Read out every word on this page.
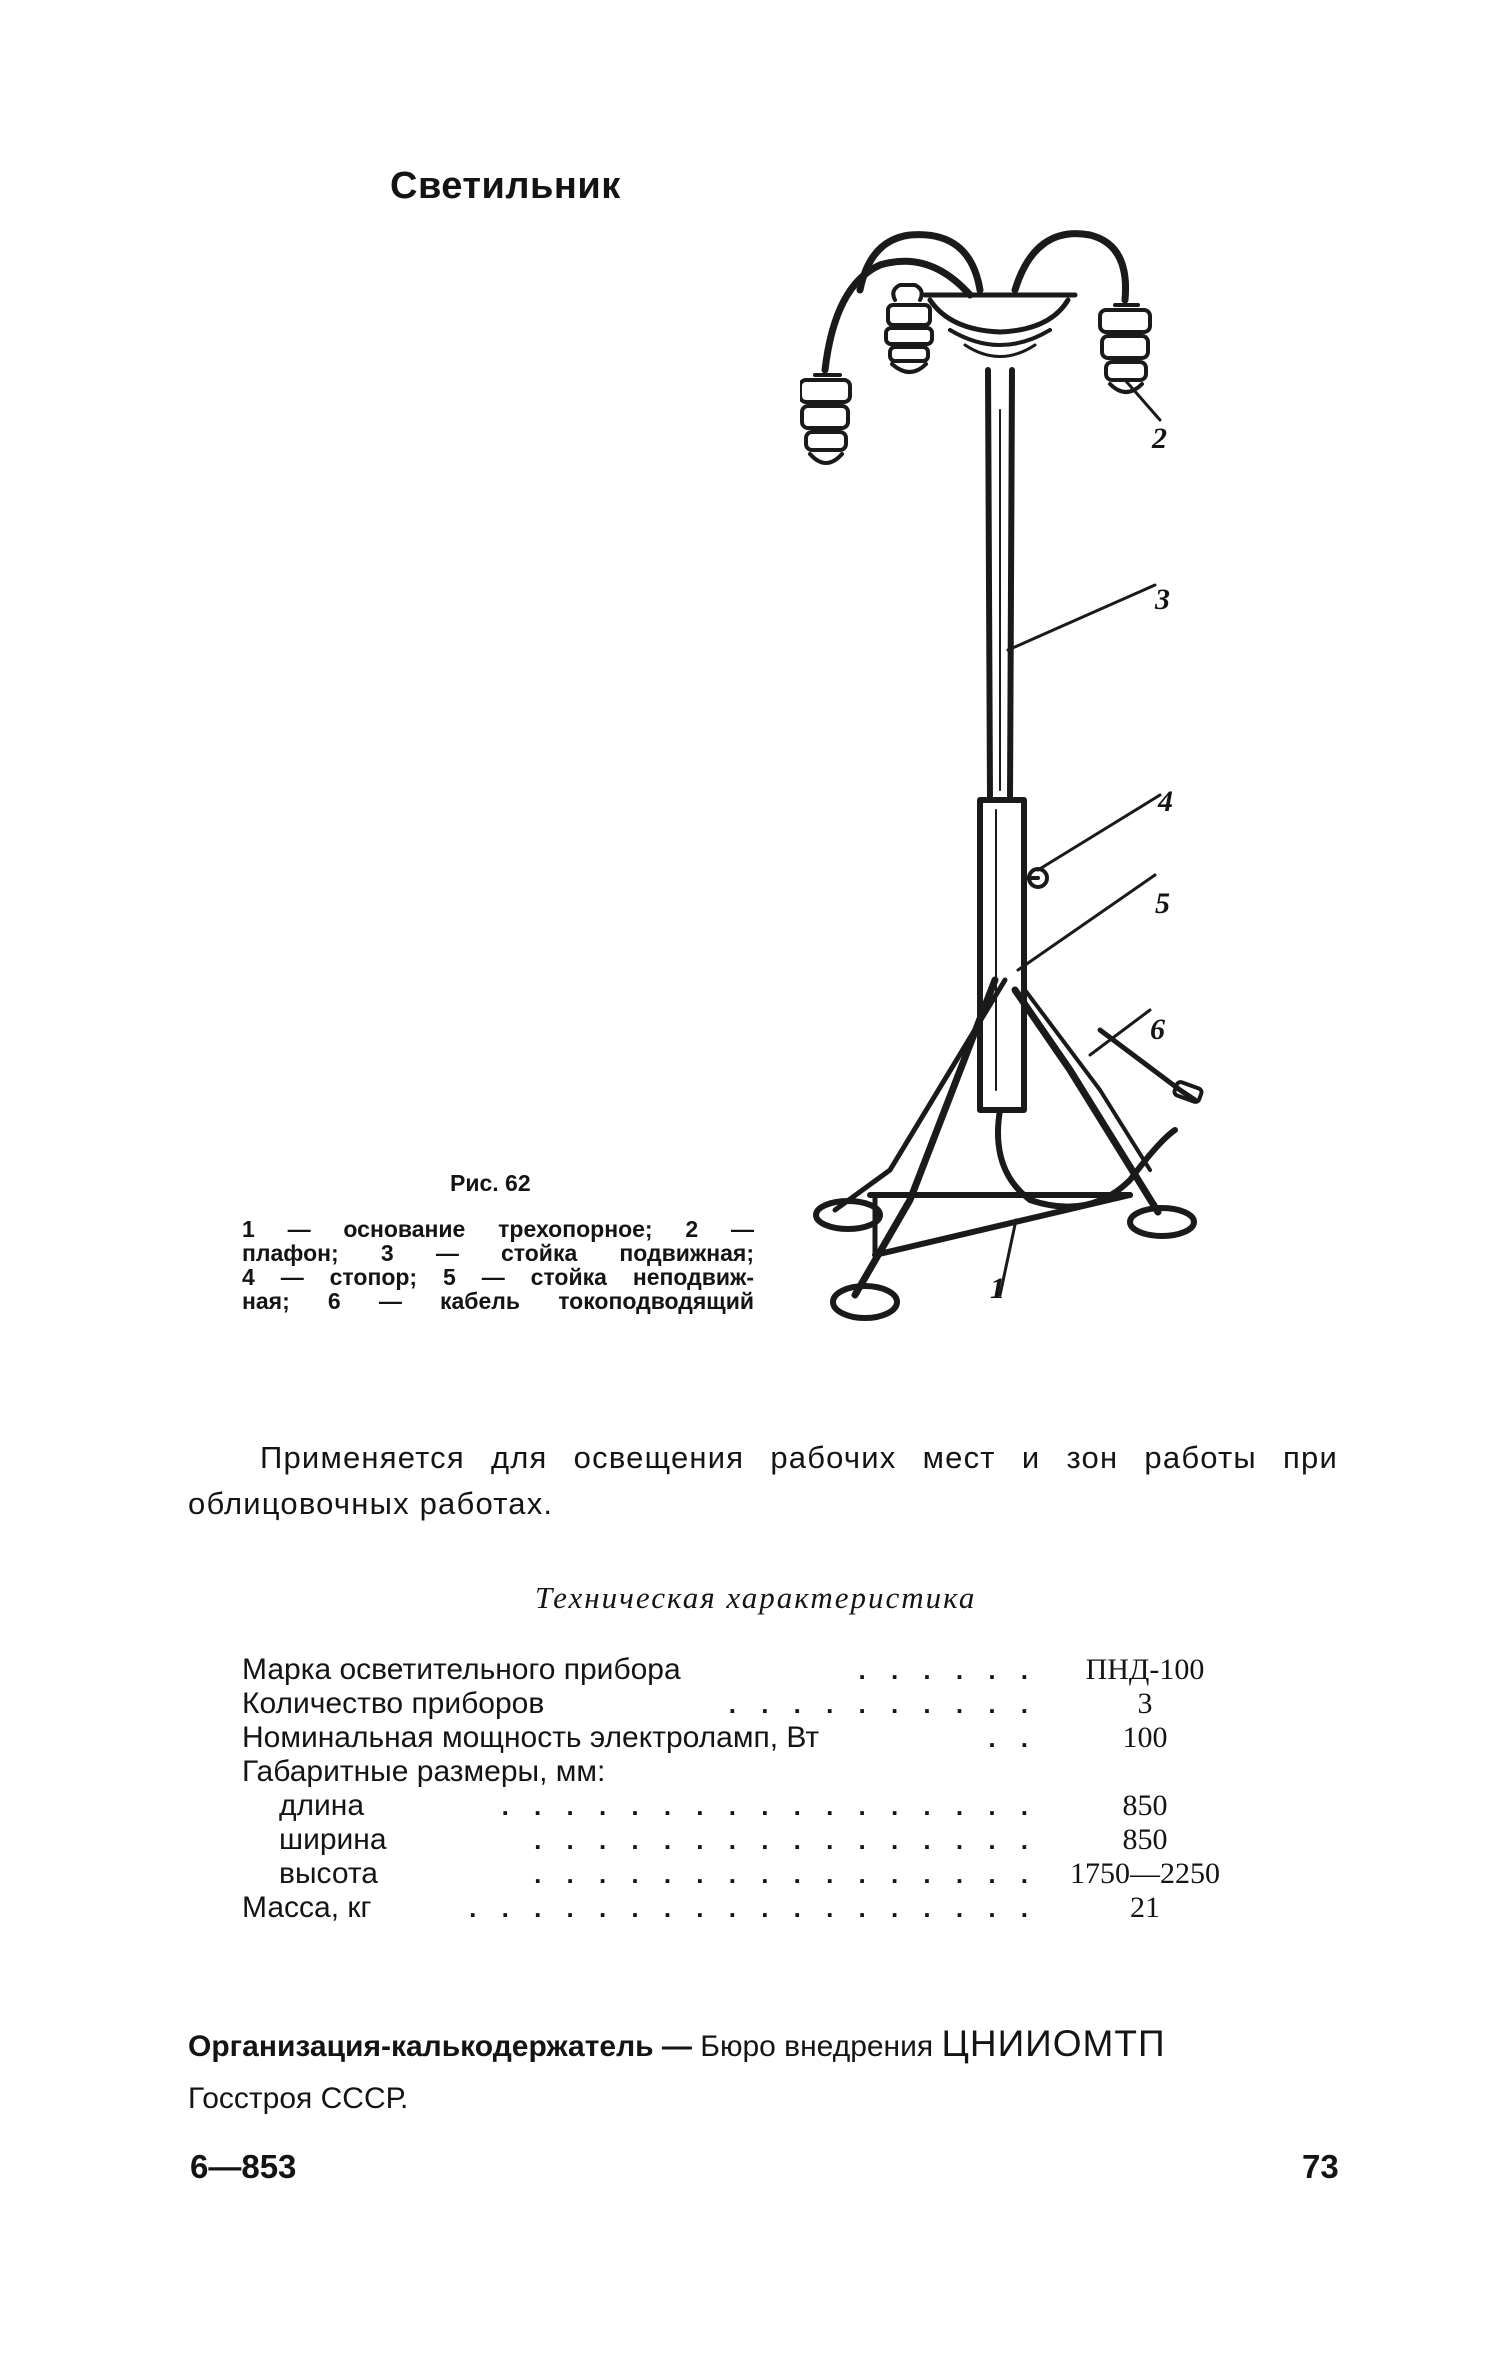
Светильник
2
3
4
5
6
1
Рис. 62
1 — основание трехопорное; 2 —
плафон; 3 — стойка подвижная;
4 — стопор; 5 — стойка неподвиж-
ная; 6 — кабель токоподводящий
Применяется для освещения рабочих мест и зон работы при облицовочных работах.
Техническая характеристика
Марка осветительного прибора	. . . . . .	ПНД-100
Количество приборов	. . . . . . . . . .	3
Номинальная мощность электроламп, Вт	. .	100
Габаритные размеры, мм:
длина	. . . . . . . . . . . . . . . . .	850
ширина	. . . . . . . . . . . . . . . .	850
высота	. . . . . . . . . . . . . . . .	1750—2250
Масса, кг	. . . . . . . . . . . . . . . . . .	21
Организация-калькодержатель — Бюро внедрения ЦНИИОМТП
Госстроя СССР.
6—853	73
